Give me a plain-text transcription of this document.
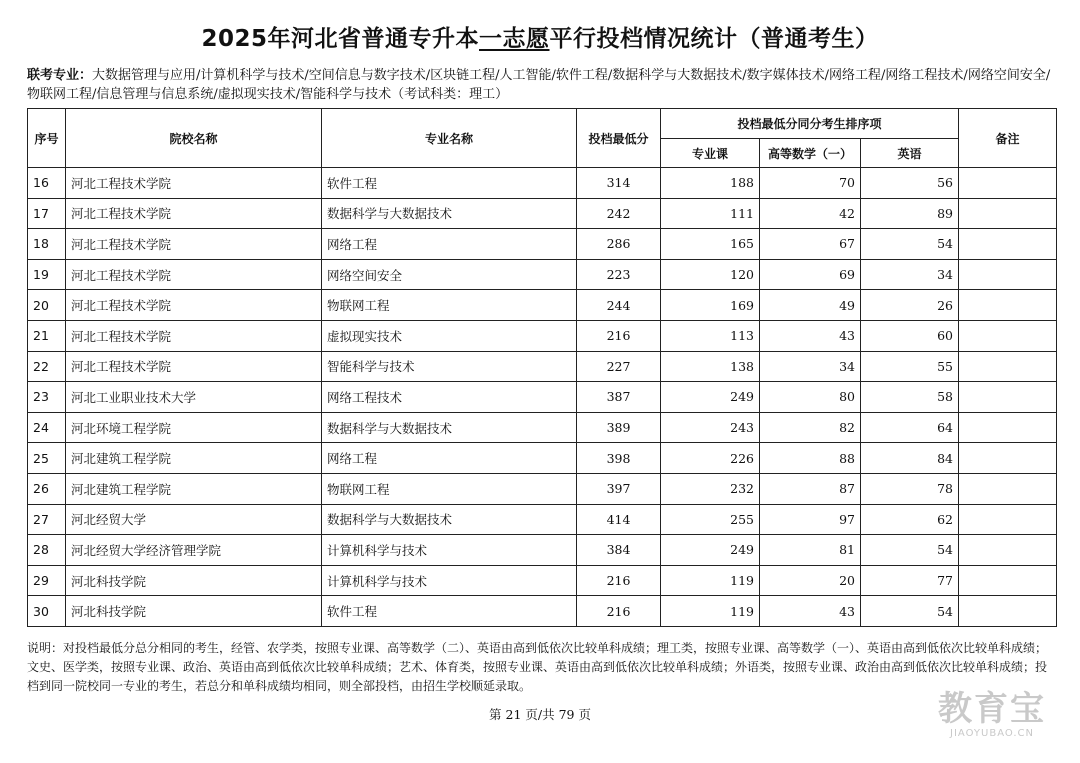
2025年河北省普通专升本一志愿平行投档情况统计（普通考生）
联考专业：大数据管理与应用/计算机科学与技术/空间信息与数字技术/区块链工程/人工智能/软件工程/数据科学与大数据技术/数字媒体技术/网络工程/网络工程技术/网络空间安全/物联网工程/信息管理与信息系统/虚拟现实技术/智能科学与技术（考试科类：理工）
序号	院校名称	专业名称	投档最低分	投档最低分同分考生排序项			备注
				专业课	高等数学（一）	英语	
16	河北工程技术学院	软件工程	314	188	70	56	
17	河北工程技术学院	数据科学与大数据技术	242	111	42	89	
18	河北工程技术学院	网络工程	286	165	67	54	
19	河北工程技术学院	网络空间安全	223	120	69	34	
20	河北工程技术学院	物联网工程	244	169	49	26	
21	河北工程技术学院	虚拟现实技术	216	113	43	60	
22	河北工程技术学院	智能科学与技术	227	138	34	55	
23	河北工业职业技术大学	网络工程技术	387	249	80	58	
24	河北环境工程学院	数据科学与大数据技术	389	243	82	64	
25	河北建筑工程学院	网络工程	398	226	88	84	
26	河北建筑工程学院	物联网工程	397	232	87	78	
27	河北经贸大学	数据科学与大数据技术	414	255	97	62	
28	河北经贸大学经济管理学院	计算机科学与技术	384	249	81	54	
29	河北科技学院	计算机科学与技术	216	119	20	77	
30	河北科技学院	软件工程	216	119	43	54	
说明：对投档最低分总分相同的考生，经管、农学类，按照专业课、高等数学（二）、英语由高到低依次比较单科成绩；理工类，按照专业课、高等数学（一）、英语由高到低依次比较单科成绩；文史、医学类，按照专业课、政治、英语由高到低依次比较单科成绩；艺术、体育类，按照专业课、英语由高到低依次比较单科成绩；外语类，按照专业课、政治由高到低依次比较单科成绩；投档到同一院校同一专业的考生，若总分和单科成绩均相同，则全部投档，由招生学校顺延录取。
第 21 页/共 79 页	教育宝
JIAOYUBAO.CN
